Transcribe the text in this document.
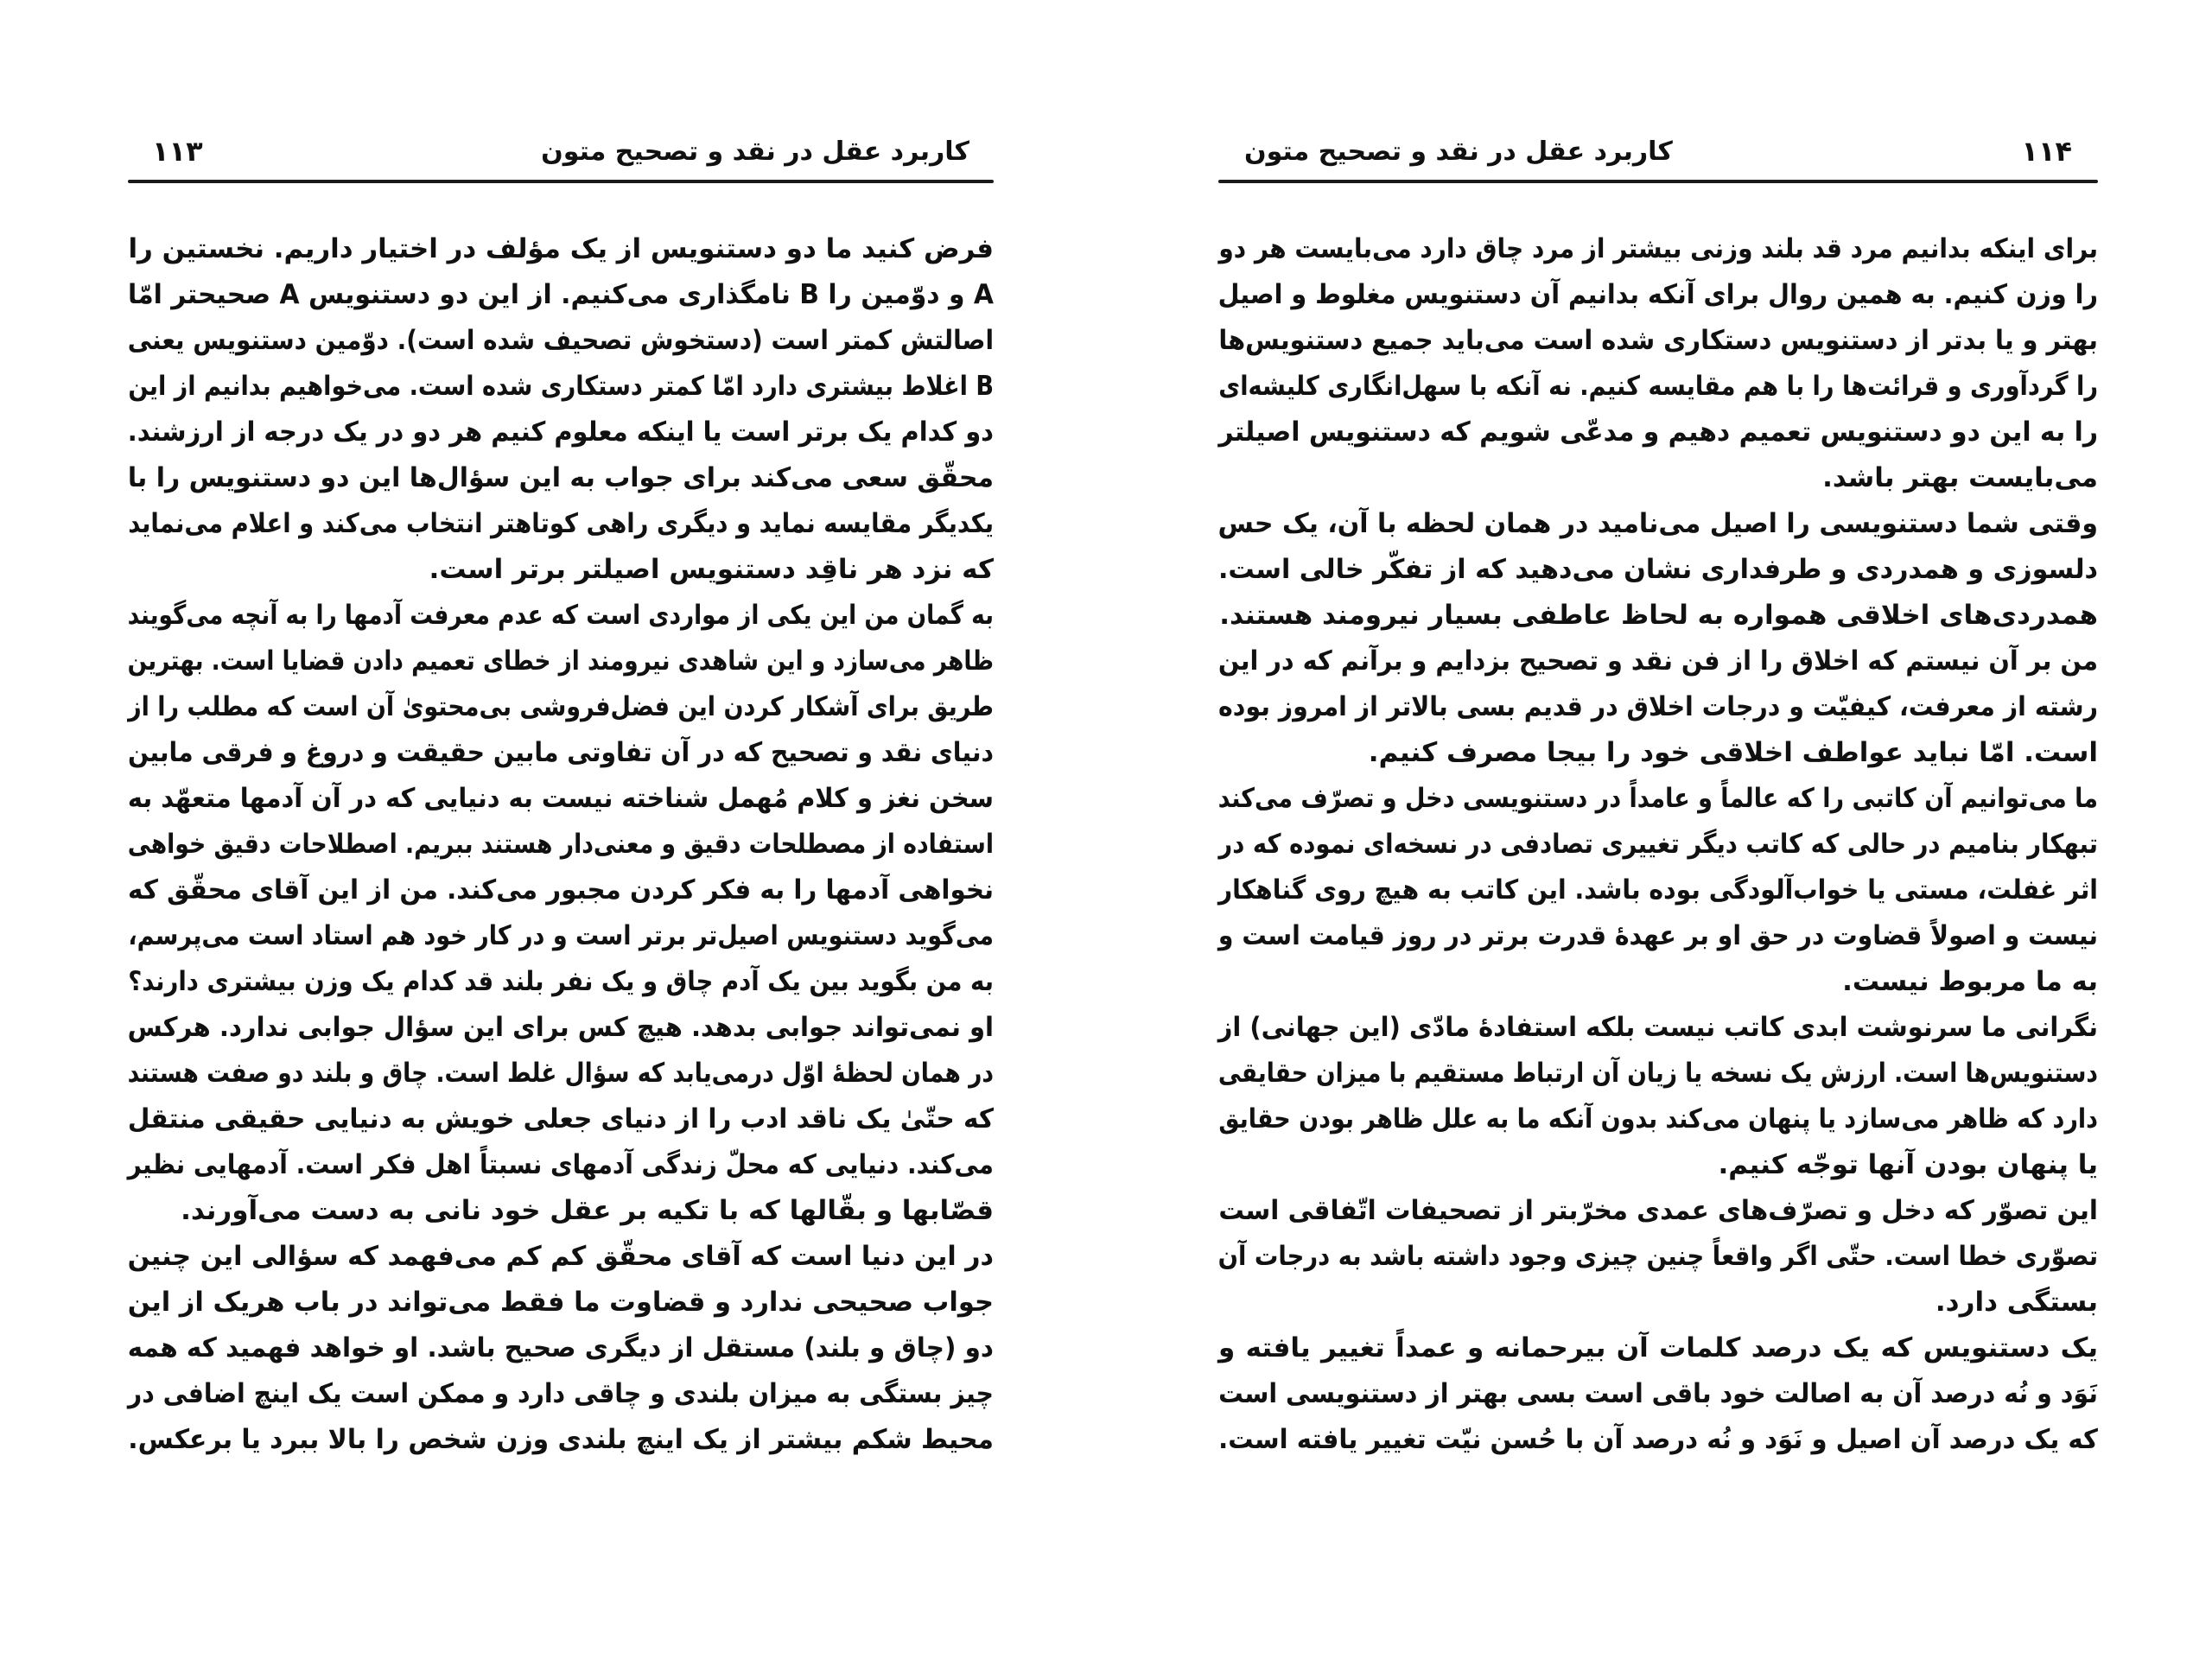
کاربرد عقل در نقد و تصحیح متون
۱۱۳
فرض کنید ما دو دستنویس از یک مؤلف در اختیار داریم. نخستین را
A و دوّمین را B نامگذاری می‌کنیم. از این دو دستنویس A صحیحتر امّا
اصالتش کمتر است (دستخوش تصحیف شده است). دوّمین دستنویس یعنی
B اغلاط بیشتری دارد امّا کمتر دستکاری شده است. می‌خواهیم بدانیم از این
دو کدام یک برتر است یا اینکه معلوم کنیم هر دو در یک درجه از ارزشند.
محقّق سعی می‌کند برای جواب به این سؤال‌ها این دو دستنویس را با
یکدیگر مقایسه نماید و دیگری راهی کوتاهتر انتخاب می‌کند و اعلام می‌نماید
که نزد هر ناقِد دستنویس اصیلتر برتر است.
به گمان من این یکی از مواردی است که عدم معرفت آدمها را به آنچه می‌گویند
ظاهر می‌سازد و این شاهدی نیرومند از خطای تعمیم دادن قضایا است. بهترین
طریق برای آشکار کردن این فضل‌فروشی بی‌محتویٰ آن است که مطلب را از
دنیای نقد و تصحیح که در آن تفاوتی مابین حقیقت و دروغ و فرقی مابین
سخن نغز و کلام مُهمل شناخته نیست به دنیایی که در آن آدمها متعهّد به
استفاده از مصطلحات دقیق و معنی‌دار هستند ببریم. اصطلاحات دقیق خواهی
نخواهی آدمها را به فکر کردن مجبور می‌کند. من از این آقای محقّق که
می‌گوید دستنویس اصیل‌تر برتر است و در کار خود هم استاد است می‌پرسم،
به من بگوید بین یک آدم چاق و یک نفر بلند قد کدام یک وزن بیشتری دارند؟
او نمی‌تواند جوابی بدهد. هیچ کس برای این سؤال جوابی ندارد. هرکس
در همان لحظهٔ اوّل درمی‌یابد که سؤال غلط است. چاق و بلند دو صفت هستند
که حتّیٰ یک ناقد ادب را از دنیای جعلی خویش به دنیایی حقیقی منتقل
می‌کند. دنیایی که محلّ زندگی آدمهای نسبتاً اهل فکر است. آدمهایی نظیر
قصّابها و بقّالها که با تکیه بر عقل خود نانی به دست می‌آورند.
در این دنیا است که آقای محقّق کم کم می‌فهمد که سؤالی این چنین
جواب صحیحی ندارد و قضاوت ما فقط می‌تواند در باب هریک از این
دو (چاق و بلند) مستقل از دیگری صحیح باشد. او خواهد فهمید که همه
چیز بستگی به میزان بلندی و چاقی دارد و ممکن است یک اینچ اضافی در
محیط شکم بیشتر از یک اینچ بلندی وزن شخص را بالا ببرد یا برعکس.
کاربرد عقل در نقد و تصحیح متون	۱۱۴
برای اینکه بدانیم مرد قد بلند وزنی بیشتر از مرد چاق دارد می‌بایست هر دو
را وزن کنیم. به همین روال برای آنکه بدانیم آن دستنویس مغلوط و اصیل
بهتر و یا بدتر از دستنویس دستکاری شده است می‌باید جمیع دستنویس‌ها
را گردآوری و قرائت‌ها را با هم مقایسه کنیم. نه آنکه با سهل‌انگاری کلیشه‌ای
را به این دو دستنویس تعمیم دهیم و مدعّی شویم که دستنویس اصیلتر
می‌بایست بهتر باشد.
وقتی شما دستنویسی را اصیل می‌نامید در همان لحظه با آن، یک حس
دلسوزی و همدردی و طرفداری نشان می‌دهید که از تفکّر خالی است.
همدردی‌های اخلاقی همواره به لحاظ عاطفی بسیار نیرومند هستند.
من بر آن نیستم که اخلاق را از فن نقد و تصحیح بزدایم و برآنم که در این
رشته از معرفت، کیفیّت و درجات اخلاق در قدیم بسی بالاتر از امروز بوده
است. امّا نباید عواطف اخلاقی خود را بیجا مصرف کنیم.
ما می‌توانیم آن کاتبی را که عالماً و عامداً در دستنویسی دخل و تصرّف می‌کند
تبهکار بنامیم در حالی که کاتب دیگر تغییری تصادفی در نسخه‌ای نموده که در
اثر غفلت، مستی یا خواب‌آلودگی بوده باشد. این کاتب به هیچ روی گناهکار
نیست و اصولاً قضاوت در حق او بر عهدهٔ قدرت برتر در روز قیامت است و
به ما مربوط نیست.
نگرانی ما سرنوشت ابدی کاتب نیست بلکه استفادهٔ مادّی (این جهانی) از
دستنویس‌ها است. ارزش یک نسخه یا زیان آن ارتباط مستقیم با میزان حقایقی
دارد که ظاهر می‌سازد یا پنهان می‌کند بدون آنکه ما به علل ظاهر بودن حقایق
یا پنهان بودن آنها توجّه کنیم.
این تصوّر که دخل و تصرّف‌های عمدی مخرّبتر از تصحیفات اتّفاقی است
تصوّری خطا است. حتّی اگر واقعاً چنین چیزی وجود داشته باشد به درجات آن
بستگی دارد.
یک دستنویس که یک درصد کلمات آن بیرحمانه و عمداً تغییر یافته و
نَوَد و نُه درصد آن به اصالت خود باقی است بسی بهتر از دستنویسی است
که یک درصد آن اصیل و نَوَد و نُه درصد آن با حُسن نیّت تغییر یافته است.
